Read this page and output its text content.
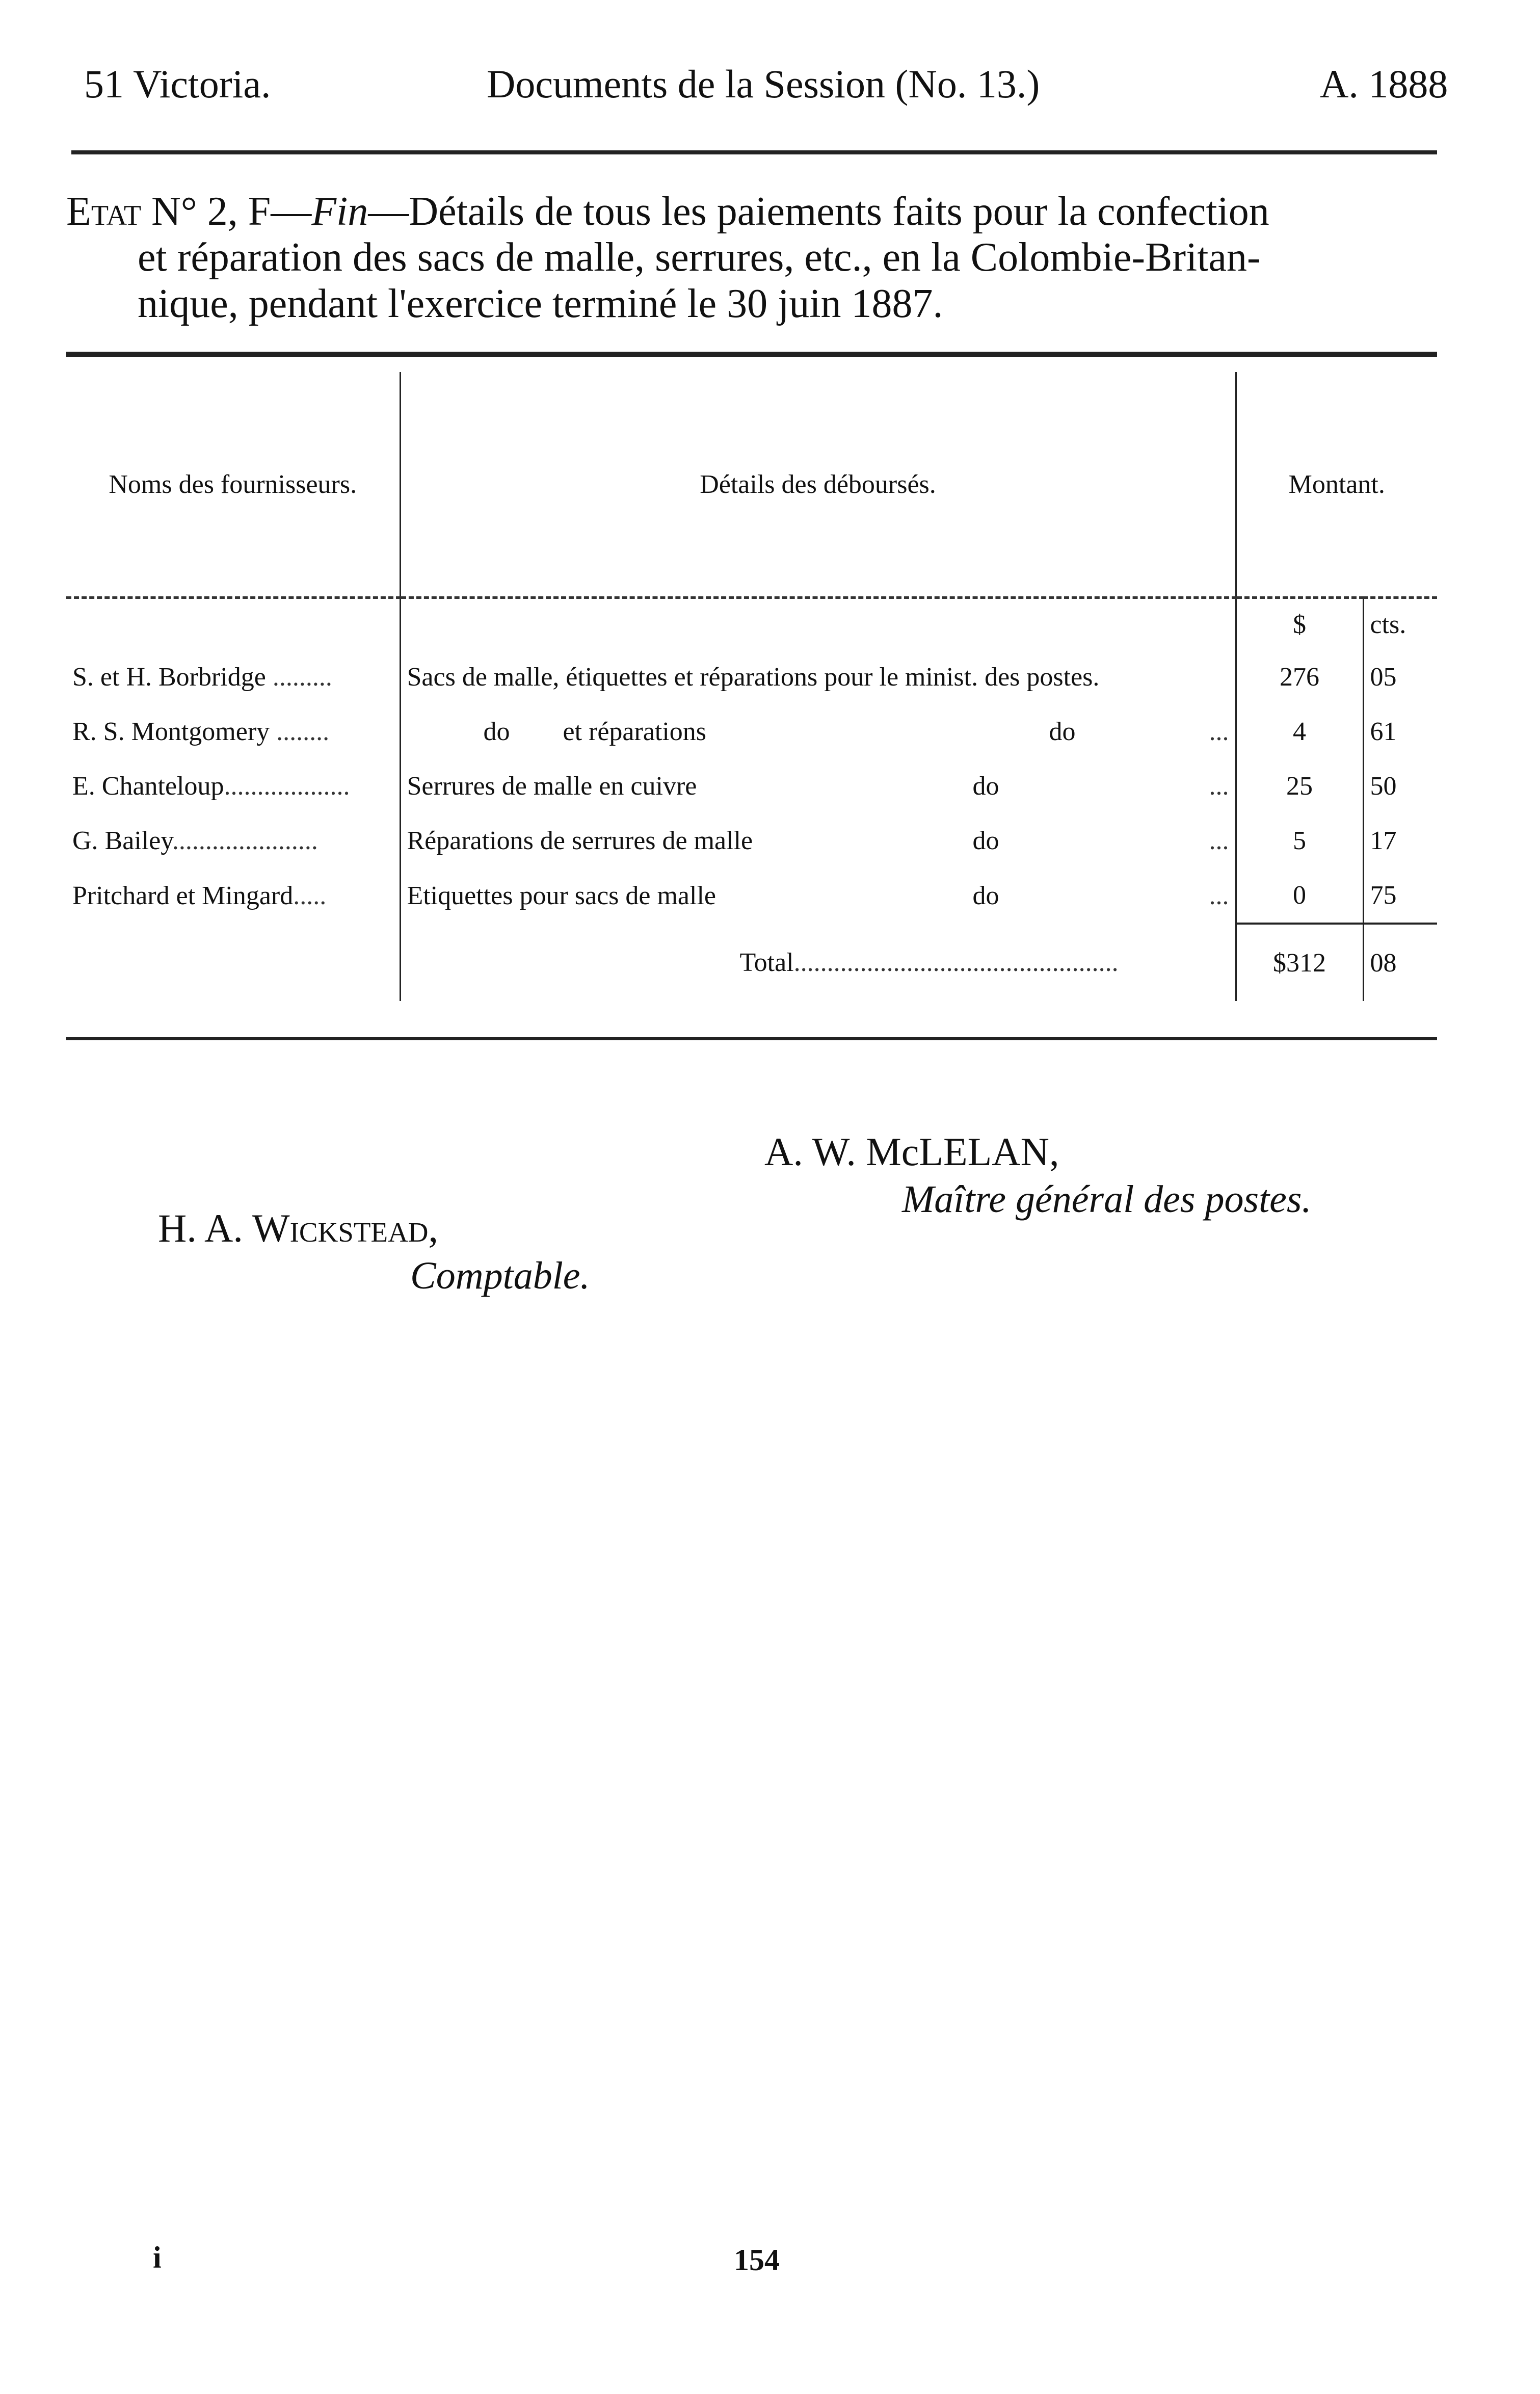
51 Victoria.	Documents de la Session (No. 13.)	A. 1888
Etat N° 2, F—Fin—Détails de tous les paiements faits pour la confection
et réparation des sacs de malle, serrures, etc., en la Colombie-Britan-
nique, pendant l'exercice terminé le 30 juin 1887.
Noms des fournisseurs.	Détails des déboursés.	Montant.	
		$	cts.
S. et H. Borbridge .........	Sacs de malle, étiquettes et réparations pour le minist. des postes.	276	05
R. S. Montgomery ........	do        et réparations do ...	4	61
E. Chanteloup...................	Serrures de malle en cuivre do ...	25	50
G. Bailey......................	Réparations de serrures de malle do ...	5	17
Pritchard et Mingard.....	Etiquettes pour sacs de malle do ...	0	75
	Total.................................................	$312	08
A. W. McLELAN,
Maître général des postes.
H. A. Wickstead,
Comptable.
i	154
